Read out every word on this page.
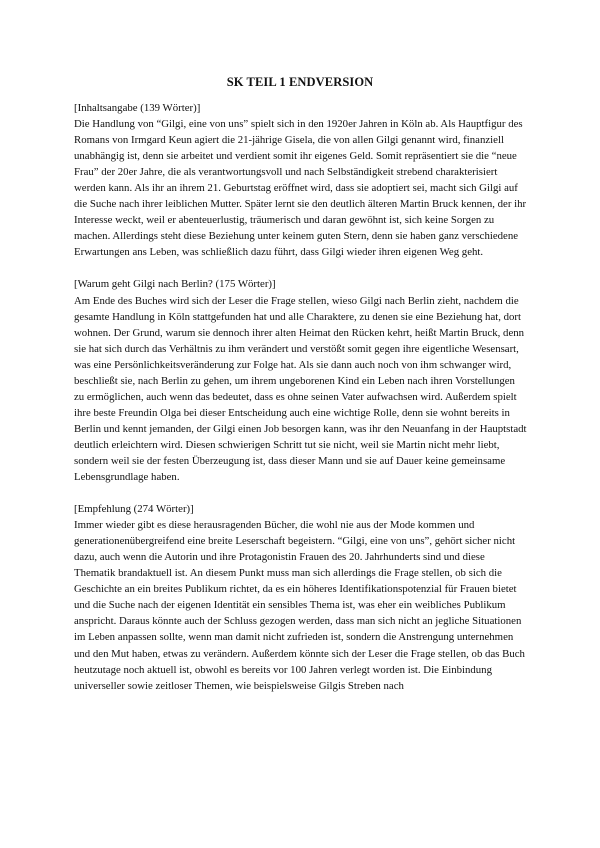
SK TEIL 1 ENDVERSION
[Inhaltsangabe (139 Wörter)]
Die Handlung von “Gilgi, eine von uns” spielt sich in den 1920er Jahren in Köln ab. Als Hauptfigur des Romans von Irmgard Keun agiert die 21-jährige Gisela, die von allen Gilgi genannt wird, finanziell unabhängig ist, denn sie arbeitet und verdient somit ihr eigenes Geld. Somit repräsentiert sie die “neue Frau” der 20er Jahre, die als verantwortungsvoll und nach Selbständigkeit strebend charakterisiert werden kann. Als ihr an ihrem 21. Geburtstag eröffnet wird, dass sie adoptiert sei, macht sich Gilgi auf die Suche nach ihrer leiblichen Mutter. Später lernt sie den deutlich älteren Martin Bruck kennen, der ihr Interesse weckt, weil er abenteuerlustig, träumerisch und daran gewöhnt ist, sich keine Sorgen zu machen. Allerdings steht diese Beziehung unter keinem guten Stern, denn sie haben ganz verschiedene Erwartungen ans Leben, was schließlich dazu führt, dass Gilgi wieder ihren eigenen Weg geht.
[Warum geht Gilgi nach Berlin? (175 Wörter)]
Am Ende des Buches wird sich der Leser die Frage stellen, wieso Gilgi nach Berlin zieht, nachdem die gesamte Handlung in Köln stattgefunden hat und alle Charaktere, zu denen sie eine Beziehung hat, dort wohnen. Der Grund, warum sie dennoch ihrer alten Heimat den Rücken kehrt, heißt Martin Bruck, denn sie hat sich durch das Verhältnis zu ihm verändert und verstößt somit gegen ihre eigentliche Wesensart, was eine Persönlichkeitsveränderung zur Folge hat. Als sie dann auch noch von ihm schwanger wird, beschließt sie, nach Berlin zu gehen, um ihrem ungeborenen Kind ein Leben nach ihren Vorstellungen zu ermöglichen, auch wenn das bedeutet, dass es ohne seinen Vater aufwachsen wird. Außerdem spielt ihre beste Freundin Olga bei dieser Entscheidung auch eine wichtige Rolle, denn sie wohnt bereits in Berlin und kennt jemanden, der Gilgi einen Job besorgen kann, was ihr den Neuanfang in der Hauptstadt deutlich erleichtern wird. Diesen schwierigen Schritt tut sie nicht, weil sie Martin nicht mehr liebt, sondern weil sie der festen Überzeugung ist, dass dieser Mann und sie auf Dauer keine gemeinsame Lebensgrundlage haben.
[Empfehlung (274 Wörter)]
Immer wieder gibt es diese herausragenden Bücher, die wohl nie aus der Mode kommen und generationenübergreifend eine breite Leserschaft begeistern. “Gilgi, eine von uns”, gehört sicher nicht dazu, auch wenn die Autorin und ihre Protagonistin Frauen des 20. Jahrhunderts sind und diese Thematik brandaktuell ist. An diesem Punkt muss man sich allerdings die Frage stellen, ob sich die Geschichte an ein breites Publikum richtet, da es ein höheres Identifikationspotenzial für Frauen bietet und die Suche nach der eigenen Identität ein sensibles Thema ist, was eher ein weibliches Publikum anspricht. Daraus könnte auch der Schluss gezogen werden, dass man sich nicht an jegliche Situationen im Leben anpassen sollte, wenn man damit nicht zufrieden ist, sondern die Anstrengung unternehmen und den Mut haben, etwas zu verändern. Außerdem könnte sich der Leser die Frage stellen, ob das Buch heutzutage noch aktuell ist, obwohl es bereits vor 100 Jahren verlegt worden ist. Die Einbindung universeller sowie zeitloser Themen, wie beispielsweise Gilgis Streben nach
